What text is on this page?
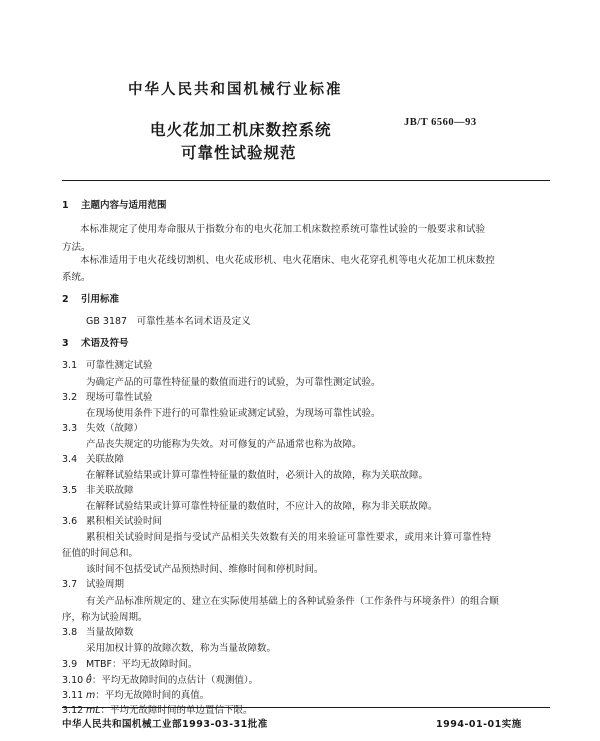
中华人民共和国机械行业标准
电火花加工机床数控系统	JB/T 6560—93
可靠性试验规范
1 主题内容与适用范围
本标准规定了使用寿命服从于指数分布的电火花加工机床数控系统可靠性试验的一般要求和试验
方法。
本标准适用于电火花线切割机、电火花成形机、电火花磨床、电火花穿孔机等电火花加工机床数控
系统。
2 引用标准
GB 3187　可靠性基本名词术语及定义
3 术语及符号
3.1 可靠性测定试验
为确定产品的可靠性特征量的数值而进行的试验，为可靠性测定试验。
3.2 现场可靠性试验
在现场使用条件下进行的可靠性验证或测定试验，为现场可靠性试验。
3.3 失效（故障）
产品丧失规定的功能称为失效。对可修复的产品通常也称为故障。
3.4 关联故障
在解释试验结果或计算可靠性特征量的数值时，必须计入的故障，称为关联故障。
3.5 非关联故障
在解释试验结果或计算可靠性特征量的数值时，不应计入的故障，称为非关联故障。
3.6 累积相关试验时间
累积相关试验时间是指与受试产品相关失效数有关的用来验证可靠性要求，或用来计算可靠性特
征值的时间总和。
该时间不包括受试产品预热时间、维修时间和停机时间。
3.7 试验周期
有关产品标准所规定的、建立在实际使用基础上的各种试验条件（工作条件与环境条件）的组合顺
序，称为试验周期。
3.8 当量故障数
采用加权计算的故障次数，称为当量故障数。
3.9 MTBF：平均无故障时间。
3.10 θ̂：平均无故障时间的点估计（观测值）。
3.11 m：平均无故障时间的真值。
3.12 mL：平均无故障时间的单边置信下限。
中华人民共和国机械工业部1993-03-31批准	1994-01-01实施
